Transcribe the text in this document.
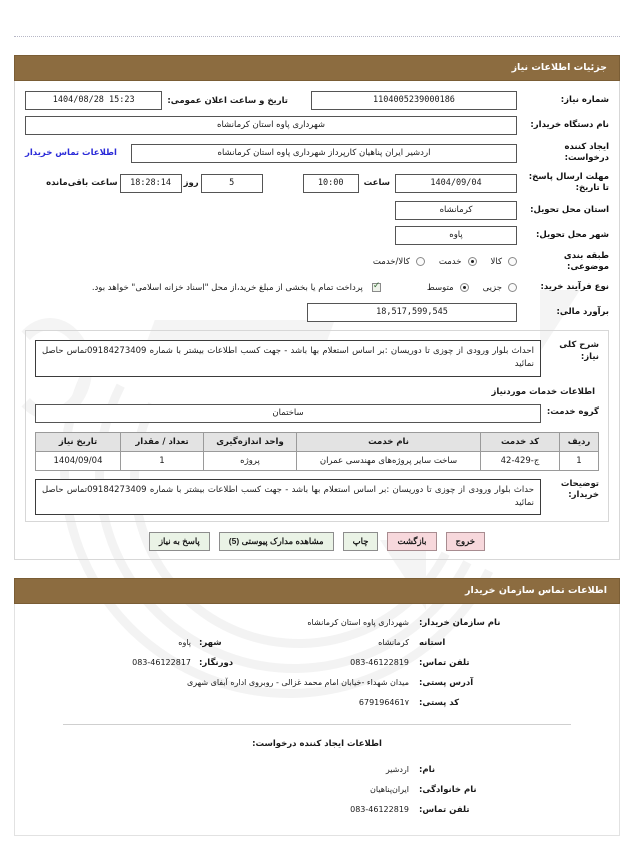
جزئیات اطلاعات نیاز
شماره نیاز:
1104005239000186
تاریخ و ساعت اعلان عمومی:
1404/08/28 15:23
نام دستگاه خریدار:
شهرداری پاوه استان کرمانشاه
ایجاد کننده درخواست:
اردشیر ایران پناهیان کارپرداز شهرداری پاوه استان کرمانشاه
اطلاعات تماس خریدار
مهلت ارسال پاسخ: تا تاریخ:
1404/09/04
ساعت
10:00
5
روز
18:28:14
ساعت باقی‌مانده
استان محل تحویل:
کرمانشاه
شهر محل تحویل:
پاوه
طبقه بندی موضوعی:
کالا
خدمت
کالا/خدمت
نوع فرآیند خرید:
جزیی
متوسط
✓
پرداخت تمام یا بخشی از مبلغ خرید،از محل "اسناد خزانه اسلامی" خواهد بود.
برآورد مالی:
18,517,599,545
شرح کلی نیاز:
احداث بلوار ورودی از چوزی تا دوریسان :بر اساس استعلام بها باشد - جهت کسب اطلاعات بیشتر با شماره 09184273409تماس حاصل نمائید
اطلاعات خدمات موردنیاز
گروه خدمت:
ساختمان
ردیف	کد خدمت	نام خدمت	واحد اندازه‌گیری	تعداد / مقدار	تاریخ نیاز
1	ج-429-42	ساخت سایر پروژه‌های مهندسی عمران	پروژه	1	1404/09/04
توضیحات خریدار:
حداث بلوار ورودی از چوزی تا دوریسان :بر اساس استعلام بها باشد - جهت کسب اطلاعات بیشتر با شماره 09184273409تماس حاصل نمائید
خروج
بازگشت
چاپ
مشاهده مدارک پیوستی (5)
پاسخ به نیاز
اطلاعات تماس سازمان خریدار
نام سازمان خریدار:
شهرداری پاوه استان کرمانشاه
استانه
کرمانشاه
شهر:
پاوه
تلفن تماس:
083-46122819
دورنگار:
083-46122817
آدرس پستی:
میدان شهداء -خیابان امام محمد غزالی - روبروی اداره آبفای شهری
کد پستی:
679196461٧
اطلاعات ایجاد کننده درخواست:
نام:
اردشیر
نام خانوادگی:
ایران‌پناهیان
تلفن تماس:
083-46122819
